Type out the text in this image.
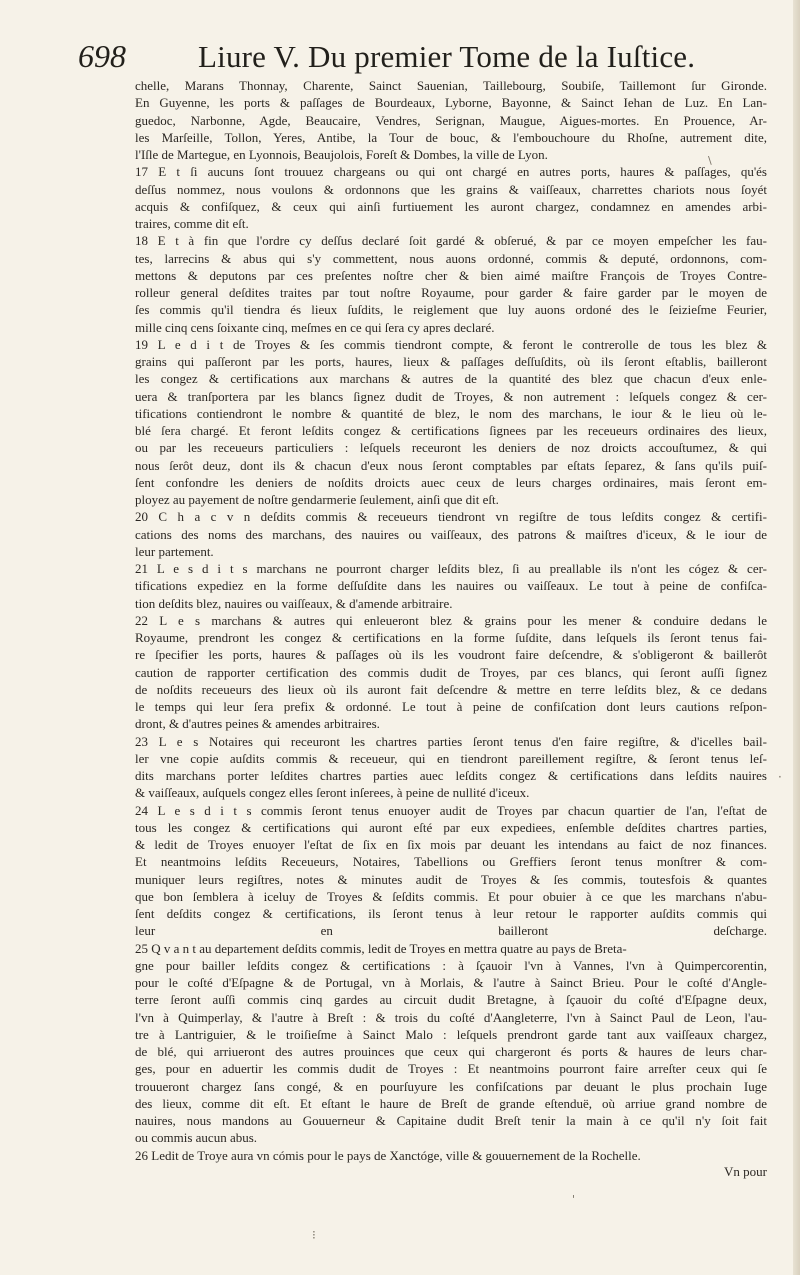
698	Liure V. Du premier Tome de la Iuſtice.
chelle, Marans Thonnay, Charente, Sainct Sauenian, Taillebourg, Soubiſe, Taillemont ſur Gironde.
En Guyenne, les ports & paſſages de Bourdeaux, Lyborne, Bayonne, & Sainct Iehan de Luz. En Lan-
guedoc, Narbonne, Agde, Beaucaire, Vendres, Serignan, Maugue, Aigues-mortes. En Prouence, Ar-
les Marſeille, Tollon, Yeres, Antibe, la Tour de bouc, & l'embouchoure du Rhoſne, autrement dite,
l'Iſle de Martegue, en Lyonnois, Beaujolois, Foreſt & Dombes, la ville de Lyon.
17 E t ſi aucuns ſont trouuez chargeans ou qui ont chargé en autres ports, haures & paſſages, qu'és
deſſus nommez, nous voulons & ordonnons que les grains & vaiſſeaux, charrettes chariots nous ſoyét
acquis & confiſquez, & ceux qui ainſi furtiuement les auront chargez, condamnez en amendes arbi-
traires, comme dit eſt.
18 E t à fin que l'ordre cy deſſus declaré ſoit gardé & obſerué, & par ce moyen empeſcher les fau-
tes, larrecins & abus qui s'y commettent, nous auons ordonné, commis & deputé, ordonnons, com-
mettons & deputons par ces preſentes noſtre cher & bien aimé maiſtre François de Troyes Contre-
rolleur general deſdites traites par tout noſtre Royaume, pour garder & faire garder par le moyen de
ſes commis qu'il tiendra és lieux ſuſdits, le reiglement que luy auons ordoné des le ſeizieſme Feurier,
mille cinq cens ſoixante cinq, meſmes en ce qui ſera cy apres declaré.
19 L e d i t de Troyes & ſes commis tiendront compte, & feront le contrerolle de tous les blez &
grains qui paſſeront par les ports, haures, lieux & paſſages deſſuſdits, où ils ſeront eſtablis, bailleront
les congez & certifications aux marchans & autres de la quantité des blez que chacun d'eux enle-
uera & tranſportera par les blancs ſignez dudit de Troyes, & non autrement : leſquels congez & cer-
tifications contiendront le nombre & quantité de blez, le nom des marchans, le iour & le lieu où le-
blé ſera chargé. Et feront leſdits congez & certifications ſignees par les receueurs ordinaires des lieux,
ou par les receueurs particuliers : leſquels receuront les deniers de noz droicts accouſtumez, & qui
nous ſerôt deuz, dont ils & chacun d'eux nous ſeront comptables par eſtats ſeparez, & ſans qu'ils puiſ-
ſent confondre les deniers de noſdits droicts auec ceux de leurs charges ordinaires, mais ſeront em-
ployez au payement de noſtre gendarmerie ſeulement, ainſi que dit eſt.
20 C h a c v n deſdits commis & receueurs tiendront vn regiſtre de tous leſdits congez & certifi-
cations des noms des marchans, des nauires ou vaiſſeaux, des patrons & maiſtres d'iceux, & le iour de
leur partement.
21 L e s d i t s marchans ne pourront charger leſdits blez, ſi au preallable ils n'ont les cógez & cer-
tifications expediez en la forme deſſuſdite dans les nauires ou vaiſſeaux. Le tout à peine de confiſca-
tion deſdits blez, nauires ou vaiſſeaux, & d'amende arbitraire.
22 L e s marchans & autres qui enleueront blez & grains pour les mener & conduire dedans le
Royaume, prendront les congez & certifications en la forme ſuſdite, dans leſquels ils ſeront tenus fai-
re ſpecifier les ports, haures & paſſages où ils les voudront faire deſcendre, & s'obligeront & baillerôt
caution de rapporter certification des commis dudit de Troyes, par ces blancs, qui ſeront auſſi ſignez
de noſdits receueurs des lieux où ils auront fait deſcendre & mettre en terre leſdits blez, & ce dedans
le temps qui leur ſera prefix & ordonné. Le tout à peine de confiſcation dont leurs cautions reſpon-
dront, & d'autres peines & amendes arbitraires.
23 L e s Notaires qui receuront les chartres parties ſeront tenus d'en faire regiſtre, & d'icelles bail-
ler vne copie auſdits commis & receueur, qui en tiendront pareillement regiſtre, & ſeront tenus leſ-
dits marchans porter leſdites chartres parties auec leſdits congez & certifications dans leſdits nauires
& vaiſſeaux, auſquels congez elles ſeront inſerees, à peine de nullité d'iceux.
24 L e s d i t s commis ſeront tenus enuoyer audit de Troyes par chacun quartier de l'an, l'eſtat de
tous les congez & certifications qui auront eſté par eux expediees, enſemble deſdites chartres parties,
& ledit de Troyes enuoyer l'eſtat de ſix en ſix mois par deuant les intendans au faict de noz finances.
Et neantmoins leſdits Receueurs, Notaires, Tabellions ou Greffiers ſeront tenus monſtrer & com-
muniquer leurs regiſtres, notes & minutes audit de Troyes & ſes commis, toutesfois & quantes
que bon ſemblera à iceluy de Troyes & ſeſdits commis. Et pour obuier à ce que les marchans n'abu-
ſent deſdits congez & certifications, ils ſeront tenus à leur retour le rapporter auſdits commis qui
leur en bailleront deſcharge.
25 Q v a n t au departement deſdits commis, ledit de Troyes en mettra quatre au pays de Breta-
gne pour bailler leſdits congez & certifications : à ſçauoir l'vn à Vannes, l'vn à Quimpercorentin,
pour le coſté d'Eſpagne & de Portugal, vn à Morlais, & l'autre à Sainct Brieu. Pour le coſté d'Angle-
terre ſeront auſſi commis cinq gardes au circuit dudit Bretagne, à ſçauoir du coſté d'Eſpagne deux,
l'vn à Quimperlay, & l'autre à Breſt : & trois du coſté d'Aangleterre, l'vn à Sainct Paul de Leon, l'au-
tre à Lantriguier, & le troiſieſme à Sainct Malo : leſquels prendront garde tant aux vaiſſeaux chargez,
de blé, qui arriueront des autres prouinces que ceux qui chargeront és ports & haures de leurs char-
ges, pour en aduertir les commis dudit de Troyes : Et neantmoins pourront faire arreſter ceux qui ſe
trouueront chargez ſans congé, & en pourſuyure les confiſcations par deuant le plus prochain Iuge
des lieux, comme dit eſt. Et eſtant le haure de Breſt de grande eſtenduë, où arriue grand nombre de
nauires, nous mandons au Gouuerneur & Capitaine dudit Breſt tenir la main à ce qu'il n'y ſoit fait
ou commis aucun abus.
26 Ledit de Troye aura vn cómis pour le pays de Xanctóge, ville & gouuernement de la Rochelle.
Vn pour
\
·
'
⁝
